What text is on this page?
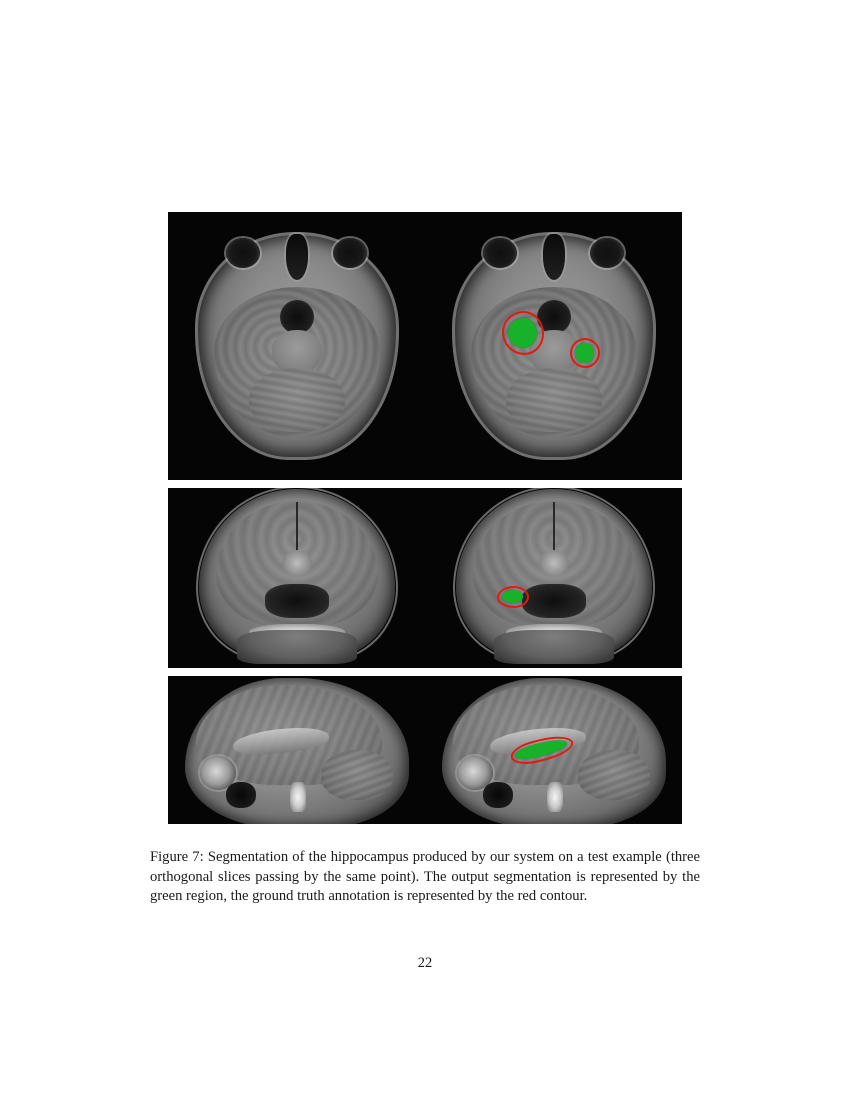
Figure 7: Segmentation of the hippocampus produced by our system on a test example (three orthogonal slices passing by the same point). The output segmentation is represented by the green region, the ground truth annotation is represented by the red contour.
22
